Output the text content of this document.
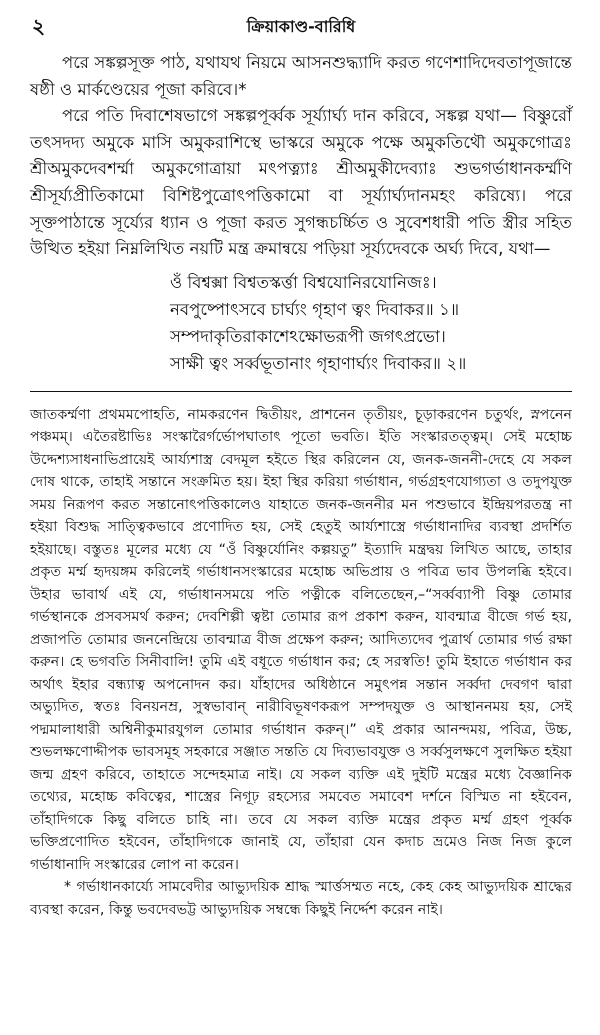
২	ক্রিয়াকাণ্ড-বারিধি

পরে সঙ্কল্পসূক্ত পাঠ, যথাযথ নিয়মে আসনশুদ্ধ্যাদি করত গণেশাদিদেবতাপূজান্তে ষষ্ঠী ও মার্কণ্ডেয়ের পূজা করিবে।*

পরে পতি দিবাশেষভাগে সঙ্কল্পপূর্ব্বক সূর্য্যার্ঘ্য দান করিবে, সঙ্কল্প যথা— বিষ্ণুরোঁ তৎসদদ্য অমুকে মাসি অমুকরাশিস্থে ভাস্করে অমুকে পক্ষে অমুকতিথৌ অমুকগোত্রঃ শ্রীঅমুকদেবশর্ম্মা অমুকগোত্রায়া মৎপত্ন্যাঃ শ্রীঅমুকীদেব্যাঃ শুভগর্ভাধানকর্ম্মণি শ্রীসূর্য্যপ্রীতিকামো বিশিষ্টপুত্রোৎপত্তিকামো বা সূর্য্যার্ঘ্যদানমহং করিষ্যে। পরে সূক্তপাঠান্তে সূর্য্যের ধ্যান ও পূজা করত সুগন্ধচর্চ্চিত ও সুবেশধারী পতি স্ত্রীর সহিত উত্থিত হইয়া নিম্নলিখিত নয়টি মন্ত্র ক্রমান্বয়ে পড়িয়া সূর্য্যদেবকে অর্ঘ্য দিবে, যথা—

ওঁ বিশ্বক্সা বিশ্বতস্কর্ত্তা বিশ্বযোনিরযোনিজঃ।
নবপুষ্পোৎসবে চার্ঘ্যং গৃহাণ ত্বং দিবাকর॥ ১॥
সম্পদাকৃতিরাকাশেঽক্ষোভরূপী জগৎপ্রভো।
সাক্ষী ত্বং সর্ব্বভূতানাং গৃহাণার্ঘ্যং দিবাকর॥ ২॥

জাতকর্ম্মণা প্রথমমপোহতি, নামকরণেন দ্বিতীয়ং, প্রাশনেন তৃতীয়ং, চূড়াকরণেন চতুর্থং, স্নপনেন পঞ্চমম্। এতৈরষ্টাভিঃ সংস্কারৈর্গর্ভোপঘাতাৎ পূতো ভবতি। ইতি সংস্কারতত্ত্বম্। সেই মহোচ্চ উদ্দেশ্যসাধনাভিপ্রায়েই আর্য্যশাস্ত্র বেদমূল হইতে স্থির করিলেন যে, জনক-জননী-দেহে যে সকল দোষ থাকে, তাহাই সন্তানে সংক্রমিত হয়। ইহা স্থির করিয়া গর্ভাধান, গর্ভগ্রহণযোগ্যতা ও তদুপযুক্ত সময় নিরূপণ করত সন্তানোৎপত্তিকালেও যাহাতে জনক-জননীর মন পশুভাবে ইন্দ্রিয়পরতন্ত্র না হইয়া বিশুদ্ধ সাত্ত্বিকভাবে প্রণোদিত হয়, সেই হেতুই আর্য্যশাস্ত্রে গর্ভাধানাদির ব্যবস্থা প্রদর্শিত হইয়াছে। বস্তুতঃ মূলের মধ্যে যে “ওঁ বিষ্ণুর্যোনিং কল্পয়তু” ইত্যাদি মন্ত্রদ্বয় লিখিত আছে, তাহার প্রকৃত মর্ম্ম হৃদয়ঙ্গম করিলেই গর্ভাধানসংস্কারের মহোচ্চ অভিপ্রায় ও পবিত্র ভাব উপলব্ধি হইবে। উহার ভাবার্থ এই যে, গর্ভাধানসময়ে পতি পত্নীকে বলিতেছেন,–“সর্ব্বব্যাপী বিষ্ণু তোমার গর্ভস্থানকে প্রসবসমর্থ করুন; দেবশিল্পী ত্বষ্টা তোমার রূপ প্রকাশ করুন, যাবন্মাত্র বীজে গর্ভ হয়, প্রজাপতি তোমার জননেন্দ্রিয়ে তাবন্মাত্র বীজ প্রক্ষেপ করুন; আদিত্যদেব পুত্রার্থ তোমার গর্ভ রক্ষা করুন। হে ভগবতি সিনীবালি! তুমি এই বধূতে গর্ভাধান কর; হে সরস্বতি! তুমি ইহাতে গর্ভাধান কর অর্থাৎ ইহার বন্ধ্যাত্ব অপনোদন কর। যাঁহাদের অধিষ্ঠানে সমুৎপন্ন সন্তান সর্ব্বদা দেবগণ দ্বারা অভ্যুদিত, স্বতঃ বিনয়নম্র, সুস্বভাবান্ নারীবিভূষণকরূপ সম্পদযুক্ত ও আস্থাননময় হয়, সেই পদ্মমালাধারী অশ্বিনীকুমারযুগল তোমার গর্ভাধান করুন্।” এই প্রকার আনন্দময়, পবিত্র, উচ্চ, শুভলক্ষণোদ্দীপক ভাবসমূহ সহকারে সঞ্জাত সন্ততি যে দিব্যভাবযুক্ত ও সর্ব্বসুলক্ষণে সুলক্ষিত হইয়া জন্ম গ্রহণ করিবে, তাহাতে সন্দেহমাত্র নাই। যে সকল ব্যক্তি এই দুইটি মন্ত্রের মধ্যে বৈজ্ঞানিক তথ্যের, মহোচ্চ কবিত্বের, শাস্ত্রের নিগূঢ় রহস্যের সমবেত সমাবেশ দর্শনে বিস্মিত না হইবেন, তাঁহাদিগকে কিছু বলিতে চাহি না। তবে যে সকল ব্যক্তি মন্ত্রের প্রকৃত মর্ম্ম গ্রহণ পূর্ব্বক ভক্তিপ্রণোদিত হইবেন, তাঁহাদিগকে জানাই যে, তাঁহারা যেন কদাচ ভ্রমেও নিজ নিজ কুলে গর্ভাধানাদি সংস্কারের লোপ না করেন।

* গর্ভাধানকার্য্যে সামবেদীর আভ্যুদয়িক শ্রাদ্ধ স্মার্ত্তসম্মত নহে, কেহ কেহ আভ্যুদয়িক শ্রাদ্ধের ব্যবস্থা করেন, কিন্তু ভবদেবভট্ট আভ্যুদয়িক সম্বন্ধে কিছুই নির্দ্দেশ করেন নাই।
